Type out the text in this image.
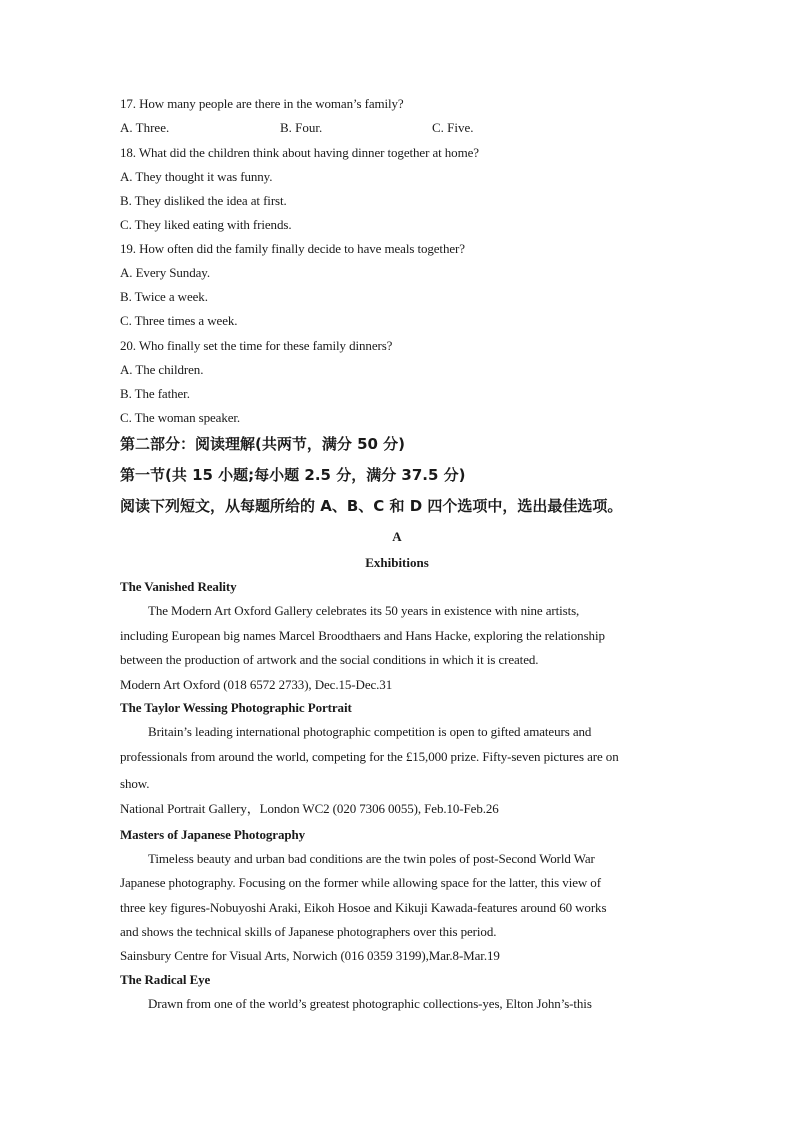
17. How many people are there in the woman’s family?
A. Three.	B. Four.	C. Five.
18. What did the children think about having dinner together at home?
A. They thought it was funny.
B. They disliked the idea at first.
C. They liked eating with friends.
19. How often did the family finally decide to have meals together?
A. Every Sunday.
B. Twice a week.
C. Three times a week.
20. Who finally set the time for these family dinners?
A. The children.
B. The father.
C. The woman speaker.
第二部分：阅读理解(共两节，满分 50 分)
第一节(共 15 小题;每小题 2.5 分，满分 37.5 分)
阅读下列短文，从每题所给的 A、B、C 和 D 四个选项中，选出最佳选项。
A
Exhibitions
The Vanished Reality
The Modern Art Oxford Gallery celebrates its 50 years in existence with nine artists,
including European big names Marcel Broodthaers and Hans Hacke, exploring the relationship
between the production of artwork and the social conditions in which it is created.
Modern Art Oxford (018 6572 2733), Dec.15-Dec.31
The Taylor Wessing Photographic Portrait
Britain’s leading international photographic competition is open to gifted amateurs and
professionals from around the world, competing for the £15,000 prize. Fifty-seven pictures are on
show.
National Portrait Gallery，London WC2 (020 7306 0055), Feb.10-Feb.26
Masters of Japanese Photography
Timeless beauty and urban bad conditions are the twin poles of post-Second World War
Japanese photography. Focusing on the former while allowing space for the latter, this view of
three key figures-Nobuyoshi Araki, Eikoh Hosoe and Kikuji Kawada-features around 60 works
and shows the technical skills of Japanese photographers over this period.
Sainsbury Centre for Visual Arts, Norwich (016 0359 3199),Mar.8-Mar.19
The Radical Eye
Drawn from one of the world’s greatest photographic collections-yes, Elton John’s-this
